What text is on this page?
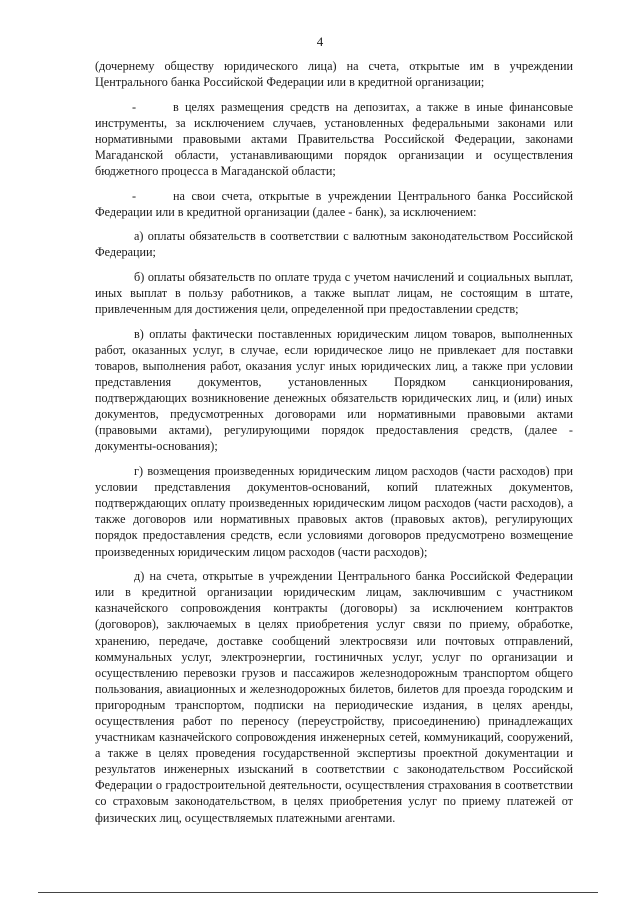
4

(дочернему обществу юридического лица) на счета, открытые им в учреждении Центрального банка Российской Федерации или в кредитной организации;

-	в целях размещения средств на депозитах, а также в иные финансовые инструменты, за исключением случаев, установленных федеральными законами или нормативными правовыми актами Правительства Российской Федерации, законами Магаданской области, устанавливающими порядок организации и осуществления бюджетного процесса в Магаданской области;

-	на свои счета, открытые в учреждении Центрального банка Российской Федерации или в кредитной организации (далее - банк), за исключением:

а) оплаты обязательств в соответствии с валютным законодательством Российской Федерации;

б) оплаты обязательств по оплате труда с учетом начислений и социальных выплат, иных выплат в пользу работников, а также выплат лицам, не состоящим в штате, привлеченным для достижения цели, определенной при предоставлении средств;

в) оплаты фактически поставленных юридическим лицом товаров, выполненных работ, оказанных услуг, в случае, если юридическое лицо не привлекает для поставки товаров, выполнения работ, оказания услуг иных юридических лиц, а также при условии представления документов, установленных Порядком санкционирования, подтверждающих возникновение денежных обязательств юридических лиц, и (или) иных документов, предусмотренных договорами или нормативными правовыми актами (правовыми актами), регулирующими порядок предоставления средств, (далее - документы-основания);

г) возмещения произведенных юридическим лицом расходов (части расходов) при условии представления документов-оснований, копий платежных документов, подтверждающих оплату произведенных юридическим лицом расходов (части расходов), а также договоров или нормативных правовых актов (правовых актов), регулирующих порядок предоставления средств, если условиями договоров предусмотрено возмещение произведенных юридическим лицом расходов (части расходов);

д) на счета, открытые в учреждении Центрального банка Российской Федерации или в кредитной организации юридическим лицам, заключившим с участником казначейского сопровождения контракты (договоры) за исключением контрактов (договоров), заключаемых в целях приобретения услуг связи по приему, обработке, хранению, передаче, доставке сообщений электросвязи или почтовых отправлений, коммунальных услуг, электроэнергии, гостиничных услуг, услуг по организации и осуществлению перевозки грузов и пассажиров железнодорожным транспортом общего пользования, авиационных и железнодорожных билетов, билетов для проезда городским и пригородным транспортом, подписки на периодические издания, в целях аренды, осуществления работ по переносу (переустройству, присоединению) принадлежащих участникам казначейского сопровождения инженерных сетей, коммуникаций, сооружений, а также в целях проведения государственной экспертизы проектной документации и результатов инженерных изысканий в соответствии с законодательством Российской Федерации о градостроительной деятельности, осуществления страхования в соответствии со страховым законодательством, в целях приобретения услуг по приему платежей от физических лиц, осуществляемых платежными агентами.
